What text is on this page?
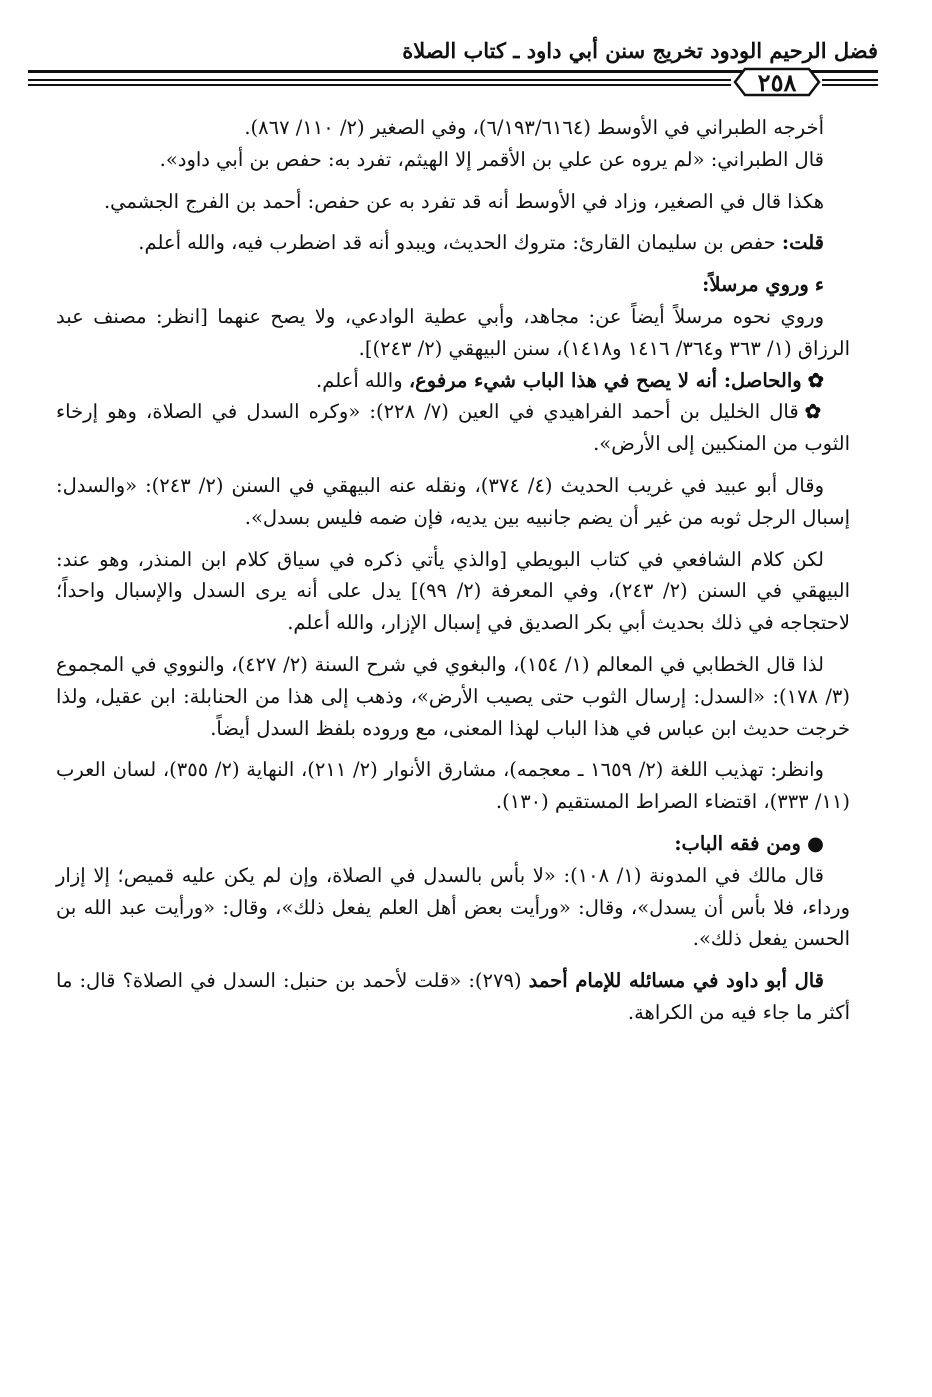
فضل الرحيم الودود تخريج سنن أبي داود ـ كتاب الصلاة
٢٥٨

أخرجه الطبراني في الأوسط (٦/١٩٣/٦١٦٤)، وفي الصغير (٢/ ١١٠/ ٨٦٧).

قال الطبراني: «لم يروه عن علي بن الأقمر إلا الهيثم، تفرد به: حفص بن أبي داود».

هكذا قال في الصغير، وزاد في الأوسط أنه قد تفرد به عن حفص: أحمد بن الفرج الجشمي.

قلت: حفص بن سليمان القارئ: متروك الحديث، ويبدو أنه قد اضطرب فيه، والله أعلم.

ءوروي مرسلاً:

وروي نحوه مرسلاً أيضاً عن: مجاهد، وأبي عطية الوادعي، ولا يصح عنهما [انظر: مصنف عبد الرزاق (١/ ٣٦٣ و٣٦٤/ ١٤١٦ و١٤١٨)، سنن البيهقي (٢/ ٢٤٣)].

✿والحاصل: أنه لا يصح في هذا الباب شيء مرفوع، والله أعلم.

✿قال الخليل بن أحمد الفراهيدي في العين (٧/ ٢٢٨): «وكره السدل في الصلاة، وهو إرخاء الثوب من المنكبين إلى الأرض».

وقال أبو عبيد في غريب الحديث (٤/ ٣٧٤)، ونقله عنه البيهقي في السنن (٢/ ٢٤٣): «والسدل: إسبال الرجل ثوبه من غير أن يضم جانبيه بين يديه، فإن ضمه فليس بسدل».

لكن كلام الشافعي في كتاب البويطي [والذي يأتي ذكره في سياق كلام ابن المنذر، وهو عند: البيهقي في السنن (٢/ ٢٤٣)، وفي المعرفة (٢/ ٩٩)] يدل على أنه يرى السدل والإسبال واحداً؛ لاحتجاجه في ذلك بحديث أبي بكر الصديق في إسبال الإزار، والله أعلم.

لذا قال الخطابي في المعالم (١/ ١٥٤)، والبغوي في شرح السنة (٢/ ٤٢٧)، والنووي في المجموع (٣/ ١٧٨): «السدل: إرسال الثوب حتى يصيب الأرض»، وذهب إلى هذا من الحنابلة: ابن عقيل، ولذا خرجت حديث ابن عباس في هذا الباب لهذا المعنى، مع وروده بلفظ السدل أيضاً.

وانظر: تهذيب اللغة (٢/ ١٦٥٩ ـ معجمه)، مشارق الأنوار (٢/ ٢١١)، النهاية (٢/ ٣٥٥)، لسان العرب (١١/ ٣٣٣)، اقتضاء الصراط المستقيم (١٣٠).

●ومن فقه الباب:

قال مالك في المدونة (١/ ١٠٨): «لا بأس بالسدل في الصلاة، وإن لم يكن عليه قميص؛ إلا إزار ورداء، فلا بأس أن يسدل»، وقال: «ورأيت بعض أهل العلم يفعل ذلك»، وقال: «ورأيت عبد الله بن الحسن يفعل ذلك».

قال أبو داود في مسائله للإمام أحمد (٢٧٩): «قلت لأحمد بن حنبل: السدل في الصلاة؟ قال: ما أكثر ما جاء فيه من الكراهة.
